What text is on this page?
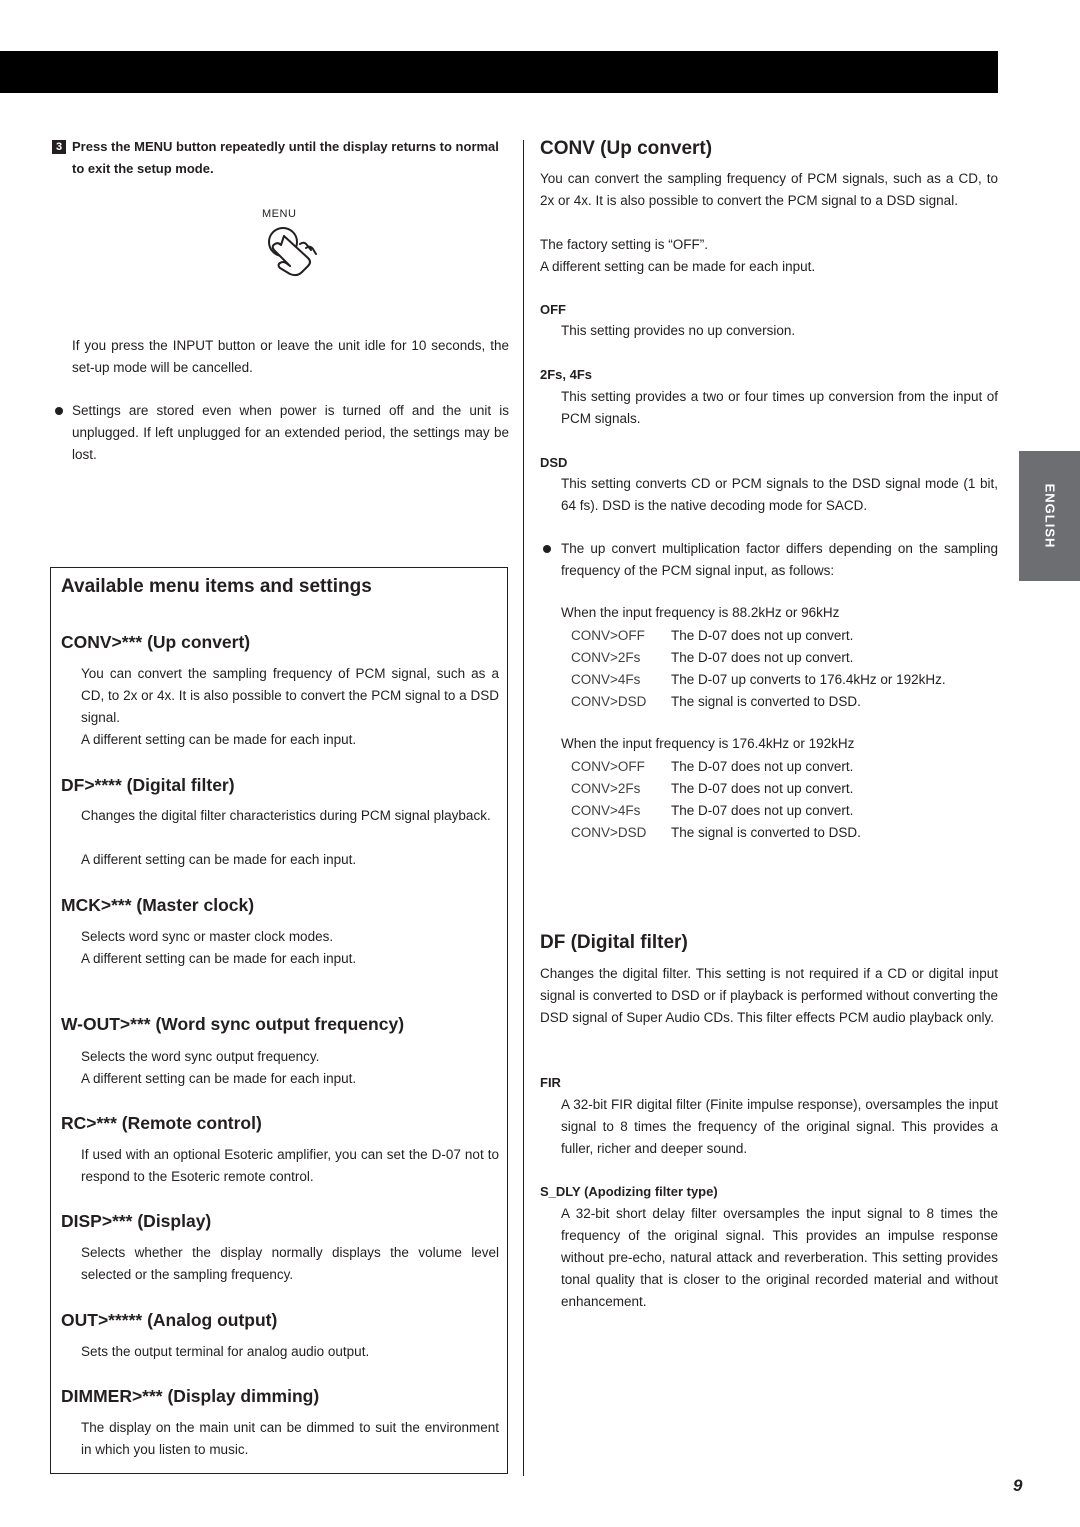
ENGLISH
3 Press the MENU button repeatedly until the display returns to normal to exit the setup mode.
MENU
If you press the INPUT button or leave the unit idle for 10 seconds, the set-up mode will be cancelled.
Settings are stored even when power is turned off and the unit is unplugged. If left unplugged for an extended period, the settings may be lost.
Available menu items and settings
CONV>*** (Up convert)
You can convert the sampling frequency of PCM signal, such as a CD, to 2x or 4x. It is also possible to convert the PCM signal to a DSD signal.
A different setting can be made for each input.
DF>**** (Digital filter)
Changes the digital filter characteristics during PCM signal playback.
A different setting can be made for each input.
MCK>*** (Master clock)
Selects word sync or master clock modes.
A different setting can be made for each input.
W-OUT>*** (Word sync output frequency)
Selects the word sync output frequency.
A different setting can be made for each input.
RC>*** (Remote control)
If used with an optional Esoteric amplifier, you can set the D-07 not to respond to the Esoteric remote control.
DISP>*** (Display)
Selects whether the display normally displays the volume level selected or the sampling frequency.
OUT>***** (Analog output)
Sets the output terminal for analog audio output.
DIMMER>*** (Display dimming)
The display on the main unit can be dimmed to suit the environment in which you listen to music.
CONV (Up convert)
You can convert the sampling frequency of PCM signals, such as a CD, to 2x or 4x. It is also possible to convert the PCM signal to a DSD signal.
The factory setting is “OFF”.
A different setting can be made for each input.
OFF
This setting provides no up conversion.
2Fs, 4Fs
This setting provides a two or four times up conversion from the input of PCM signals.
DSD
This setting converts CD or PCM signals to the DSD signal mode (1 bit, 64 fs). DSD is the native decoding mode for SACD.
The up convert multiplication factor differs depending on the sampling frequency of the PCM signal input, as follows:
When the input frequency is 88.2kHz or 96kHz
CONV>OFF	The D-07 does not up convert.
CONV>2Fs	The D-07 does not up convert.
CONV>4Fs	The D-07 up converts to 176.4kHz or 192kHz.
CONV>DSD	The signal is converted to DSD.
When the input frequency is 176.4kHz or 192kHz
CONV>OFF	The D-07 does not up convert.
CONV>2Fs	The D-07 does not up convert.
CONV>4Fs	The D-07 does not up convert.
CONV>DSD	The signal is converted to DSD.
DF (Digital filter)
Changes the digital filter. This setting is not required if a CD or digital input signal is converted to DSD or if playback is performed without converting the DSD signal of Super Audio CDs. This filter effects PCM audio playback only.
FIR
A 32-bit FIR digital filter (Finite impulse response), oversamples the input signal to 8 times the frequency of the original signal. This provides a fuller, richer and deeper sound.
S_DLY (Apodizing filter type)
A 32-bit short delay filter oversamples the input signal to 8 times the frequency of the original signal. This provides an impulse response without pre-echo, natural attack and reverberation. This setting provides tonal quality that is closer to the original recorded material and without enhancement.
9
